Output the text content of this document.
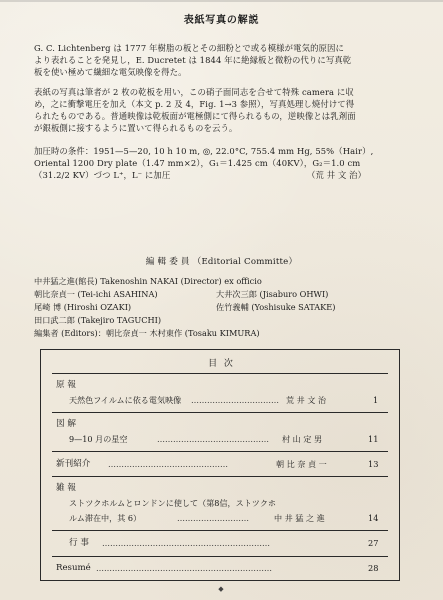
表紙写真の解説
G. C. Lichtenberg は 1777 年樹脂の板とその細粉とで或る模様が電気的原因に
より表れることを発見し，E. Ducretet は 1844 年に絶縁板と微粉の代りに写真乾
板を使い極めて繊細な電気映像を得た。
表紙の写真は筆者が 2 枚の乾板を用い，この硝子面同志を合せて特殊 camera に収
め，之に衝撃電圧を加え（本文 p. 2 及 4，Fig. 1→3 参照），写真処理し焼付けて得
られたものである。普通映像は乾板面が電極側にて得られるもの，逆映像とは乳剤面
が銀板側に接するように置いて得られるものを云う。
加圧時の条件：1951—5—20, 10 h 10 m, ◎, 22.0°C, 755.4 mm Hg, 55%（Hair）,
Oriental 1200 Dry plate（1.47 mm×2），G₁＝1.425 cm（40KV），G₂＝1.0 cm
（31.2/2 KV）づつ L⁺，L⁻ に加圧	（荒 井 文 治）
編 輯 委 員 （Editorial Committe）
中井猛之進(館長) Takenoshin NAKAI (Director) ex officio
朝比奈貞一 (Tei-ichi ASAHINA)	大井次三郎 (Jisaburo OHWI)
尾崎 博 (Hiroshi OZAKI)	佐竹義輔 (Yoshisuke SATAKE)
田口武二郎 (Takejiro TAGUCHI)
編集者 (Editors)：朝比奈貞一 木村東作 (Tosaku KIMURA)
目 次
原 報
天然色フイルムに依る電気映像 …………………………… 荒 井 文 治	1
図 解
9—10 月の星空	…………………………………… 村 山 定 男	11
新刊紹介 ………………………………………	朝 比 奈 貞 一	13
雑 報
ストツクホルムとロンドンに使して（第8信，ストツクホ
ルム滞在中，其 6）	………………………	中 井 猛 之 進	14
行 事 ………………………………………………………	27
Resumé …………………………………………………………	28
◆
